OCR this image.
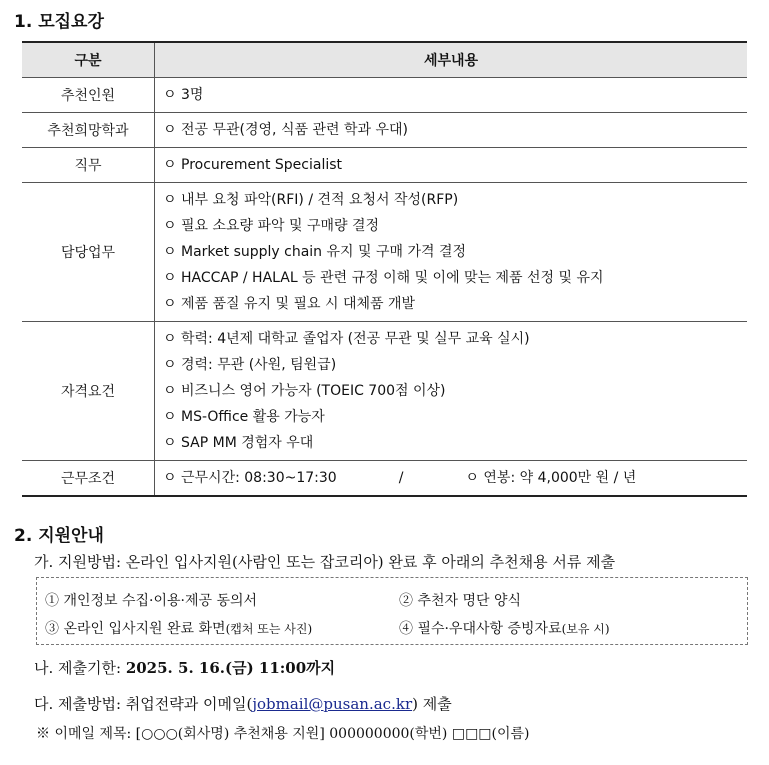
1. 모집요강
구분	세부내용
추천인원	ㅇ 3명

추천희망학과	ㅇ 전공 무관(경영, 식품 관련 학과 우대)

직무	ㅇ Procurement Specialist

담당업무	ㅇ 내부 요청 파악(RFI) / 견적 요청서 작성(RFP)
ㅇ 필요 소요량 파악 및 구매량 결정
ㅇ Market supply chain 유지 및 구매 가격 결정
ㅇ HACCAP / HALAL 등 관련 규정 이해 및 이에 맞는 제품 선정 및 유지
ㅇ 제품 품질 유지 및 필요 시 대체품 개발

자격요건	ㅇ 학력: 4년제 대학교 졸업자 (전공 무관 및 실무 교육 실시)
ㅇ 경력: 무관 (사원, 팀원급)
ㅇ 비즈니스 영어 가능자 (TOEIC 700점 이상)
ㅇ MS-Office 활용 가능자
ㅇ SAP MM 경험자 우대

근무조건	ㅇ 근무시간: 08:30~17:30 / ㅇ 연봉: 약 4,000만 원 / 년
2. 지원안내
가. 지원방법: 온라인 입사지원(사람인 또는 잡코리아) 완료 후 아래의 추천채용 서류 제출
① 개인정보 수집·이용·제공 동의서	② 추천자 명단 양식
③ 온라인 입사지원 완료 화면(캡처 또는 사진)	④ 필수·우대사항 증빙자료(보유 시)
나. 제출기한: 2025. 5. 16.(금) 11:00까지
다. 제출방법: 취업전략과 이메일(jobmail@pusan.ac.kr) 제출
※ 이메일 제목: [○○○(회사명) 추천채용 지원] 000000000(학번) □□□(이름)
